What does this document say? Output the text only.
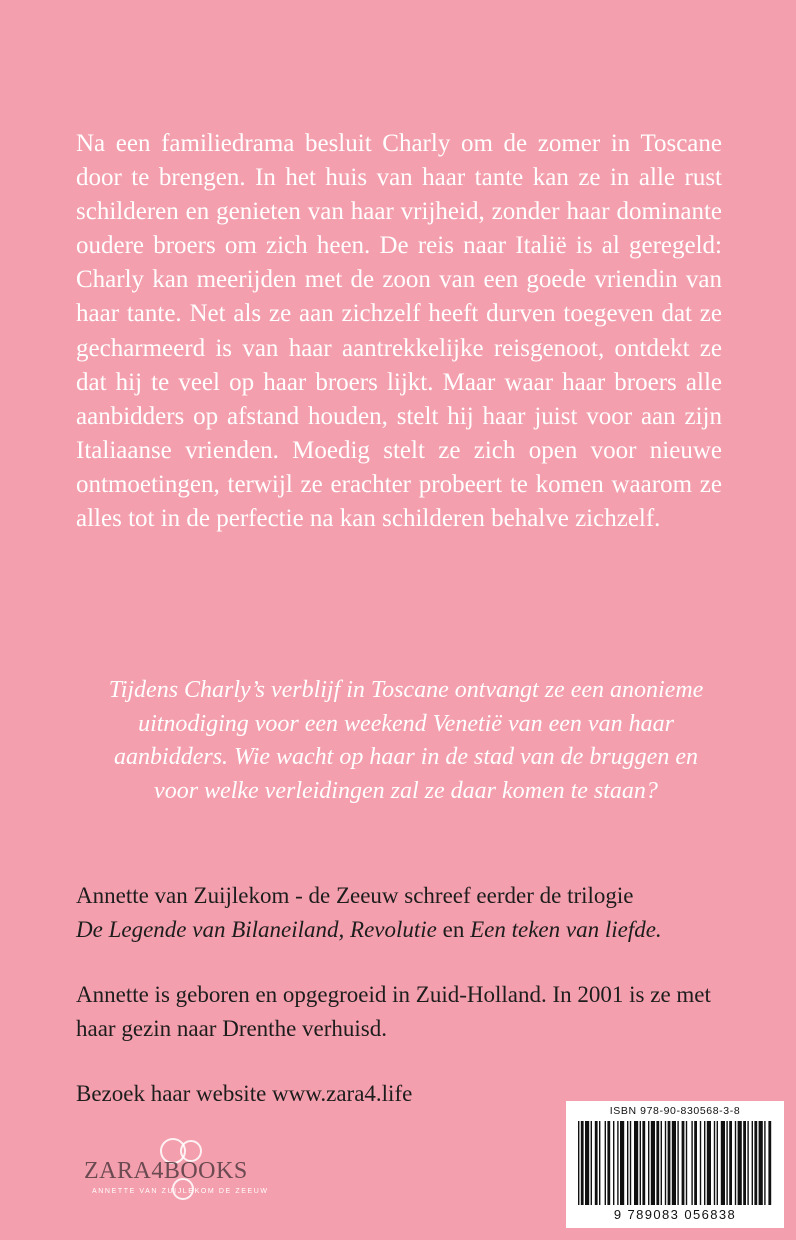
Na een familiedrama besluit Charly om de zomer in Toscane door te brengen. In het huis van haar tante kan ze in alle rust schilderen en genieten van haar vrijheid, zonder haar dominante oudere broers om zich heen. De reis naar Italië is al geregeld: Charly kan meerijden met de zoon van een goede vriendin van haar tante. Net als ze aan zichzelf heeft durven toegeven dat ze gecharmeerd is van haar aantrekkelijke reisgenoot, ontdekt ze dat hij te veel op haar broers lijkt. Maar waar haar broers alle aanbidders op afstand houden, stelt hij haar juist voor aan zijn Italiaanse vrienden. Moedig stelt ze zich open voor nieuwe ontmoetingen, terwijl ze erachter probeert te komen waarom ze alles tot in de perfectie na kan schilderen behalve zichzelf.

Tijdens Charly’s verblijf in Toscane ontvangt ze een anonieme uitnodiging voor een weekend Venetië van een van haar aanbidders. Wie wacht op haar in de stad van de bruggen en voor welke verleidingen zal ze daar komen te staan?

Annette van Zuijlekom - de Zeeuw schreef eerder de trilogie
De Legende van Bilaneiland, Revolutie en Een teken van liefde.

Annette is geboren en opgegroeid in Zuid-Holland. In 2001 is ze met haar gezin naar Drenthe verhuisd.

Bezoek haar website www.zara4.life

ZARA4BOOKS
ANNETTE VAN ZUIJLEKOM DE ZEEUW
ISBN 978-90-830568-3-8
9 789083 056838
